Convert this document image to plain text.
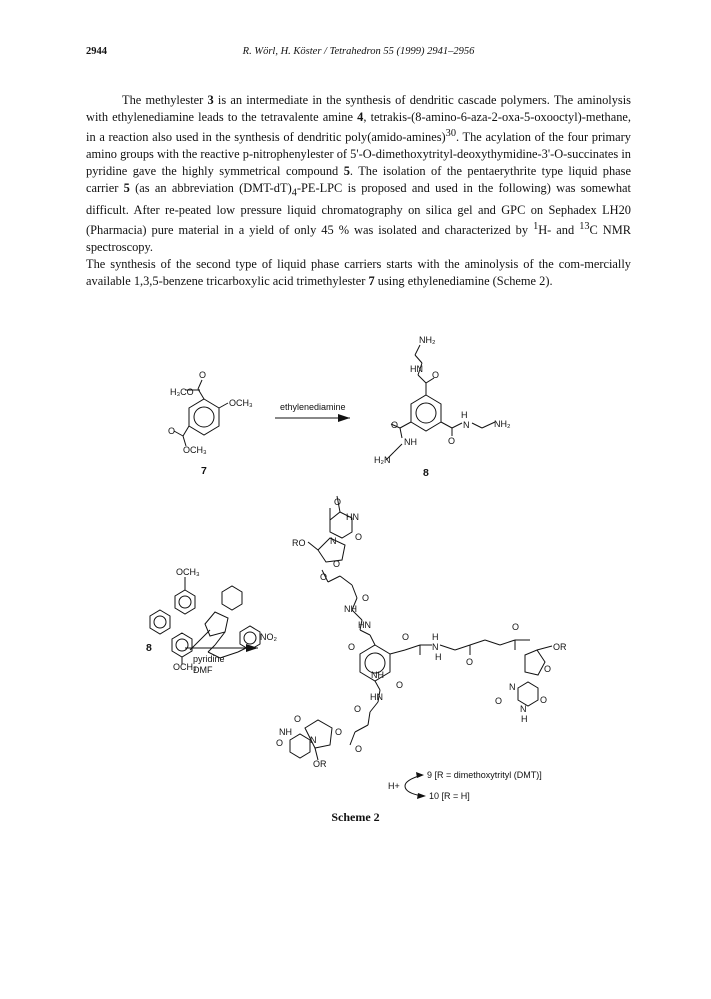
2944	R. Wörl, H. Köster / Tetrahedron 55 (1999) 2941–2956

The methylester 3 is an intermediate in the synthesis of dendritic cascade polymers. The aminolysis with ethylenediamine leads to the tetravalente amine 4, tetrakis-(8-amino-6-aza-2-oxa-5-oxooctyl)-methane, in a reaction also used in the synthesis of dendritic poly(amido-amines)$^{30}$. The acylation of the four primary amino groups with the reactive p-nitrophenylester of 5'-O-dimethoxytrityl-deoxythymidine-3'-O-succinates in pyridine gave the highly symmetrical compound 5. The isolation of the pentaerythrite type liquid phase carrier 5 (as an abbreviation $(DMT-dT)_4-PE$-LPC is proposed and used in the following) was somewhat difficult. After re-peated low pressure liquid chromatography on silica gel and GPC on Sephadex LH20 (Pharmacia) pure material in a yield of only 45 % was isolated and characterized by $^1$H- and $^{13}$C NMR spectroscopy.

The synthesis of the second type of liquid phase carriers starts with the aminolysis of the com-mercially available 1,3,5-benzene tricarboxylic acid trimethylester 7 using ethylenediamine (Scheme 2).

H₃CO
O
OCH₃
O
OCH₃
ethylenediamine
NH₂
O
HN
H
N
O
NH₂
O
NH
H₂N
OCH₃
OCH₃
NO₂
pyridine
DMF
RO
O
HN
N O
O
O
O
NH
HN
O
O	H
N
H	O
O
OR
O
N
O	O
N
H
NH
O
O
HN
O
O
NH
O	N
O
OR
H+
9 [R = dimethoxytrityl (DMT)]
10 [R = H]
7	8
8
Scheme 2
